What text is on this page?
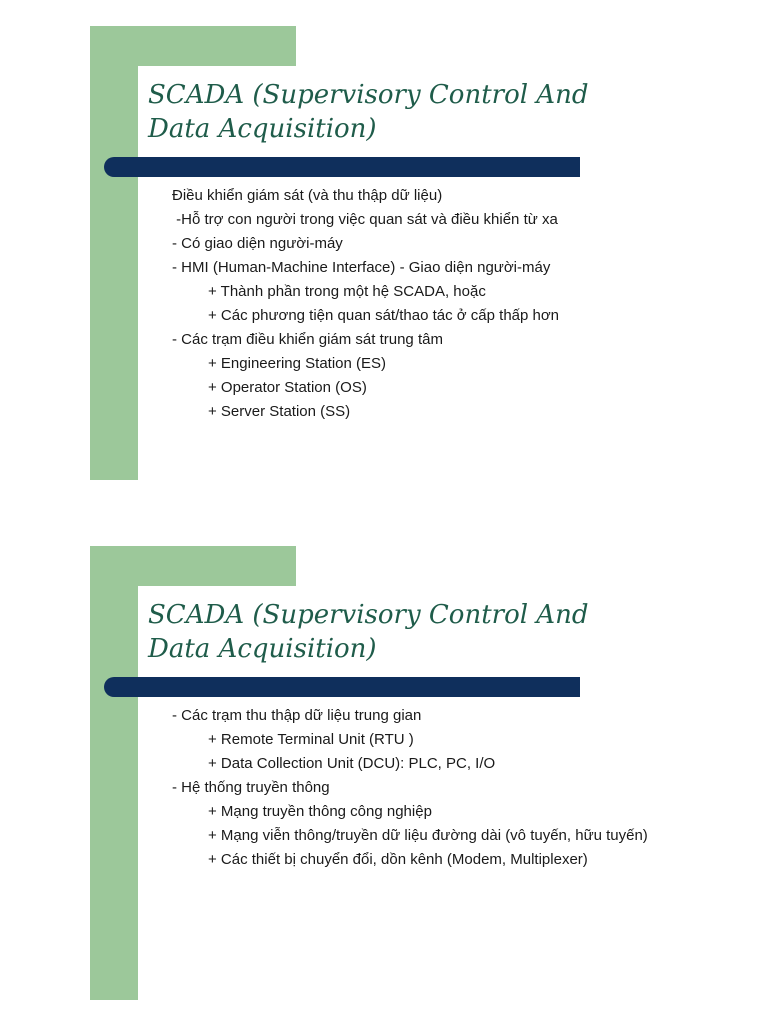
SCADA (Supervisory Control And
Data Acquisition)
Điều khiển giám sát (và thu thập dữ liệu)
-Hỗ trợ con người trong việc quan sát và điều khiển từ xa
- Có giao diện người-máy
- HMI (Human-Machine Interface) - Giao diện người-máy
+ Thành phần trong một hệ SCADA, hoặc
+ Các phương tiện quan sát/thao tác ở cấp thấp hơn
- Các trạm điều khiển giám sát trung tâm
+ Engineering Station (ES)
+ Operator Station (OS)
+ Server Station (SS)
SCADA (Supervisory Control And
Data Acquisition)
- Các trạm thu thập dữ liệu trung gian
+ Remote Terminal Unit (RTU )
+ Data Collection Unit (DCU): PLC, PC, I/O
- Hệ thống truyền thông
+ Mạng truyền thông công nghiệp
+ Mạng viễn thông/truyền dữ liệu đường dài (vô tuyến, hữu tuyến)
+ Các thiết bị chuyển đổi, dồn kênh (Modem, Multiplexer)
